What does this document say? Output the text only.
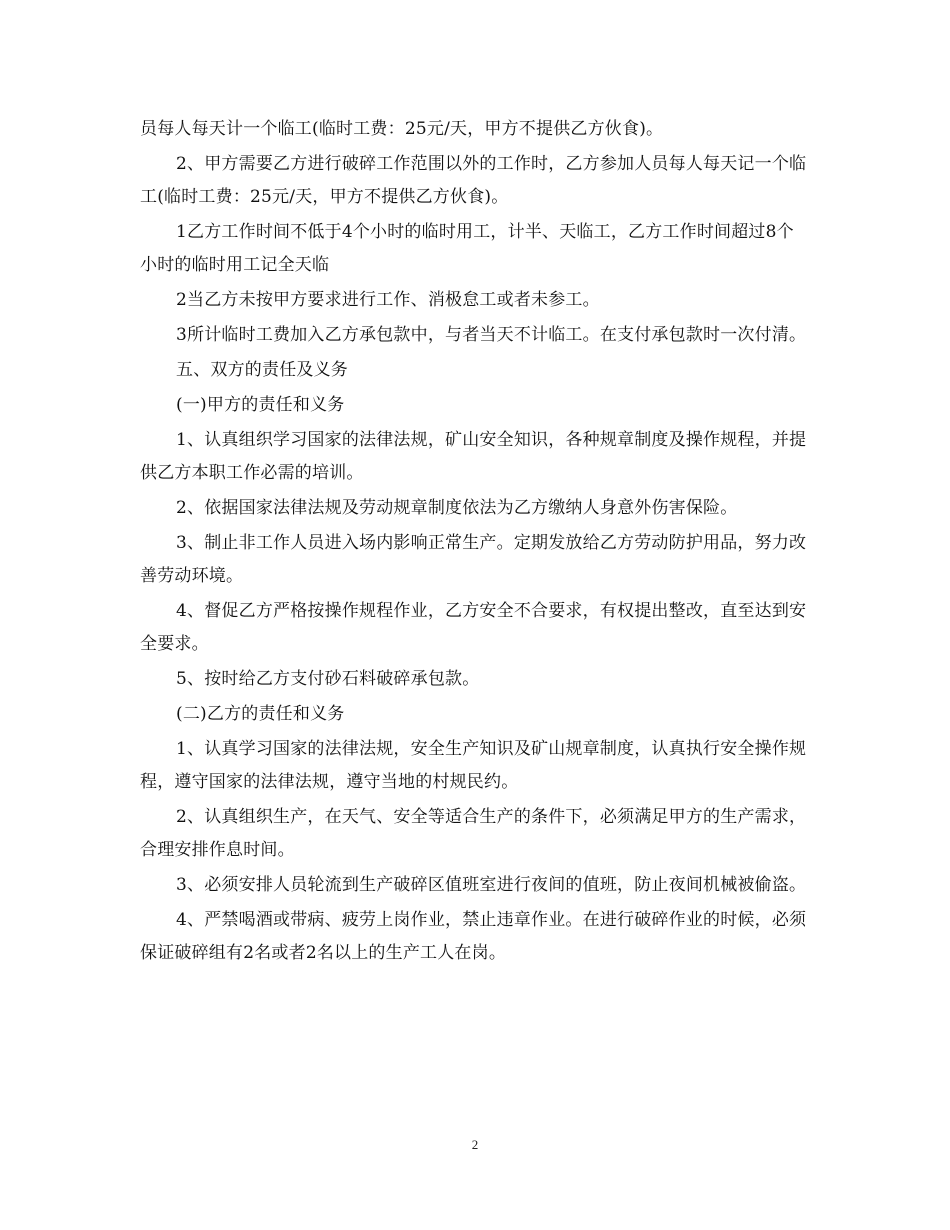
员每人每天计一个临工(临时工费：25元/天，甲方不提供乙方伙食)。

2、甲方需要乙方进行破碎工作范围以外的工作时，乙方参加人员每人每天记一个临工(临时工费：25元/天，甲方不提供乙方伙食)。

1乙方工作时间不低于4个小时的临时用工，计半、天临工，乙方工作时间超过8个小时的临时用工记全天临

2当乙方未按甲方要求进行工作、消极怠工或者未参工。

3所计临时工费加入乙方承包款中，与者当天不计临工。在支付承包款时一次付清。

五、双方的责任及义务

(一)甲方的责任和义务

1、认真组织学习国家的法律法规，矿山安全知识，各种规章制度及操作规程，并提供乙方本职工作必需的培训。

2、依据国家法律法规及劳动规章制度依法为乙方缴纳人身意外伤害保险。

3、制止非工作人员进入场内影响正常生产。定期发放给乙方劳动防护用品，努力改善劳动环境。

4、督促乙方严格按操作规程作业，乙方安全不合要求，有权提出整改，直至达到安全要求。

5、按时给乙方支付砂石料破碎承包款。

(二)乙方的责任和义务

1、认真学习国家的法律法规，安全生产知识及矿山规章制度，认真执行安全操作规程，遵守国家的法律法规，遵守当地的村规民约。

2、认真组织生产，在天气、安全等适合生产的条件下，必须满足甲方的生产需求，合理安排作息时间。

3、必须安排人员轮流到生产破碎区值班室进行夜间的值班，防止夜间机械被偷盗。

4、严禁喝酒或带病、疲劳上岗作业，禁止违章作业。在进行破碎作业的时候，必须保证破碎组有2名或者2名以上的生产工人在岗。

2
